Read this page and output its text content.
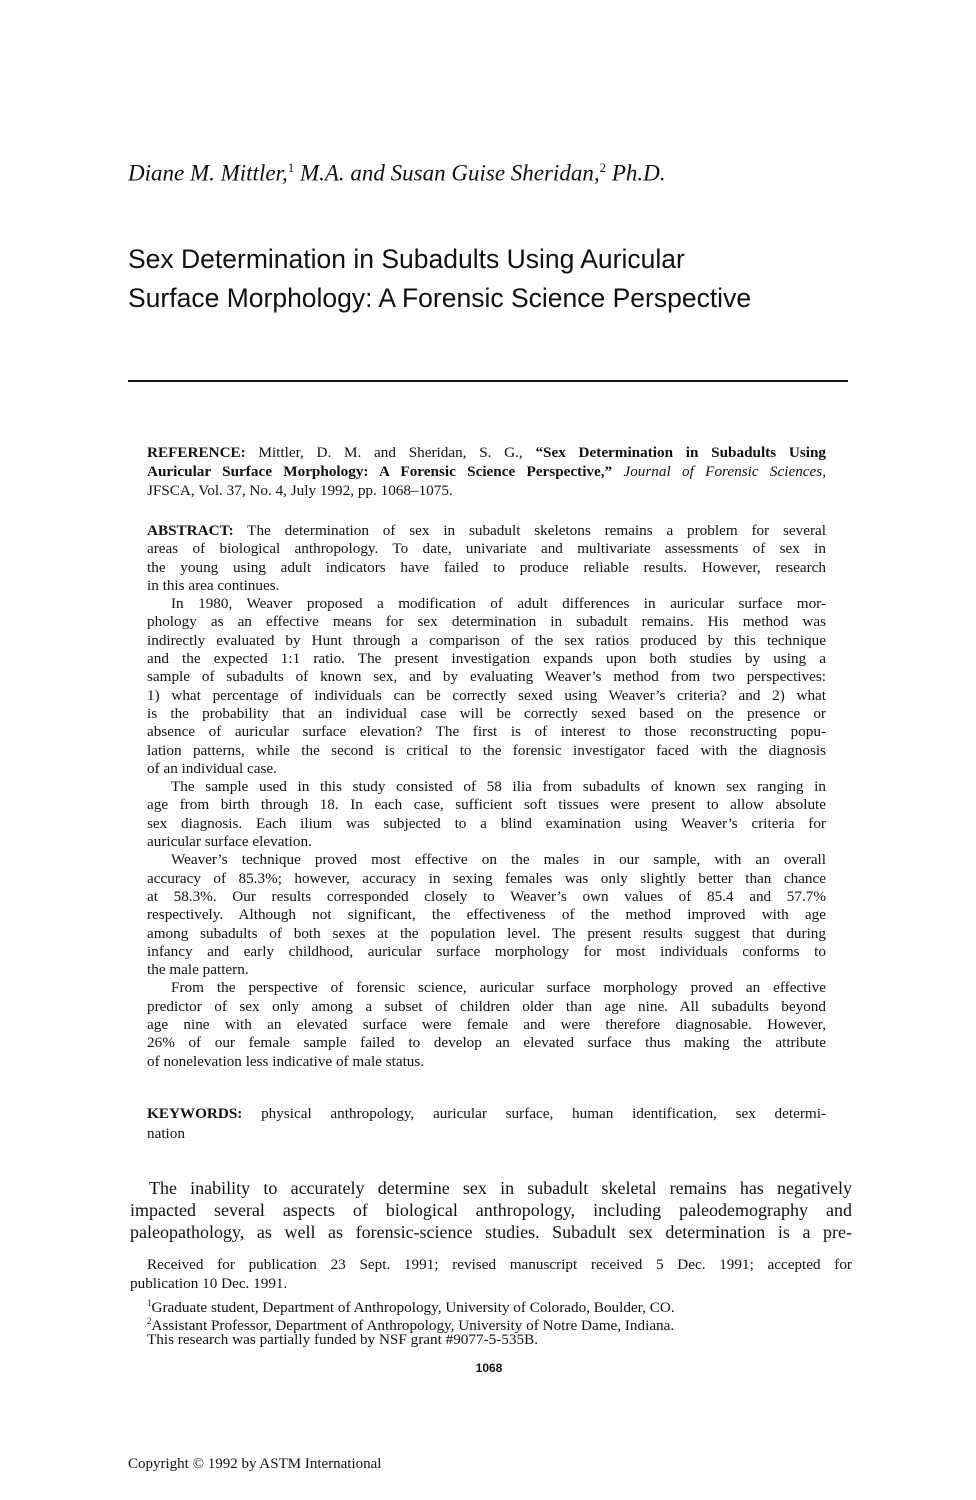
Diane M. Mittler,$^1$ M.A. and Susan Guise Sheridan,$^2$ Ph.D.
Sex Determination in Subadults Using Auricular
Surface Morphology: A Forensic Science Perspective
REFERENCE: Mittler, D. M. and Sheridan, S. G., “Sex Determination in Subadults Using
Auricular Surface Morphology: A Forensic Science Perspective,” Journal of Forensic Sciences,
JFSCA, Vol. 37, No. 4, July 1992, pp. 1068–1075.
ABSTRACT: The determination of sex in subadult skeletons remains a problem for several
areas of biological anthropology. To date, univariate and multivariate assessments of sex in
the young using adult indicators have failed to produce reliable results. However, research
in this area continues.
In 1980, Weaver proposed a modification of adult differences in auricular surface mor-
phology as an effective means for sex determination in subadult remains. His method was
indirectly evaluated by Hunt through a comparison of the sex ratios produced by this technique
and the expected 1:1 ratio. The present investigation expands upon both studies by using a
sample of subadults of known sex, and by evaluating Weaver’s method from two perspectives:
1) what percentage of individuals can be correctly sexed using Weaver’s criteria? and 2) what
is the probability that an individual case will be correctly sexed based on the presence or
absence of auricular surface elevation? The first is of interest to those reconstructing popu-
lation patterns, while the second is critical to the forensic investigator faced with the diagnosis
of an individual case.
The sample used in this study consisted of 58 ilia from subadults of known sex ranging in
age from birth through 18. In each case, sufficient soft tissues were present to allow absolute
sex diagnosis. Each ilium was subjected to a blind examination using Weaver’s criteria for
auricular surface elevation.
Weaver’s technique proved most effective on the males in our sample, with an overall
accuracy of 85.3%; however, accuracy in sexing females was only slightly better than chance
at 58.3%. Our results corresponded closely to Weaver’s own values of 85.4 and 57.7%
respectively. Although not significant, the effectiveness of the method improved with age
among subadults of both sexes at the population level. The present results suggest that during
infancy and early childhood, auricular surface morphology for most individuals conforms to
the male pattern.
From the perspective of forensic science, auricular surface morphology proved an effective
predictor of sex only among a subset of children older than age nine. All subadults beyond
age nine with an elevated surface were female and were therefore diagnosable. However,
26% of our female sample failed to develop an elevated surface thus making the attribute
of nonelevation less indicative of male status.
KEYWORDS: physical anthropology, auricular surface, human identification, sex determi-
nation
The inability to accurately determine sex in subadult skeletal remains has negatively
impacted several aspects of biological anthropology, including paleodemography and
paleopathology, as well as forensic-science studies. Subadult sex determination is a pre-
Received for publication 23 Sept. 1991; revised manuscript received 5 Dec. 1991; accepted for
publication 10 Dec. 1991.
$^1$Graduate student, Department of Anthropology, University of Colorado, Boulder, CO.
$^2$Assistant Professor, Department of Anthropology, University of Notre Dame, Indiana.
This research was partially funded by NSF grant #9077-5-535B.
1068
Copyright © 1992 by ASTM International
